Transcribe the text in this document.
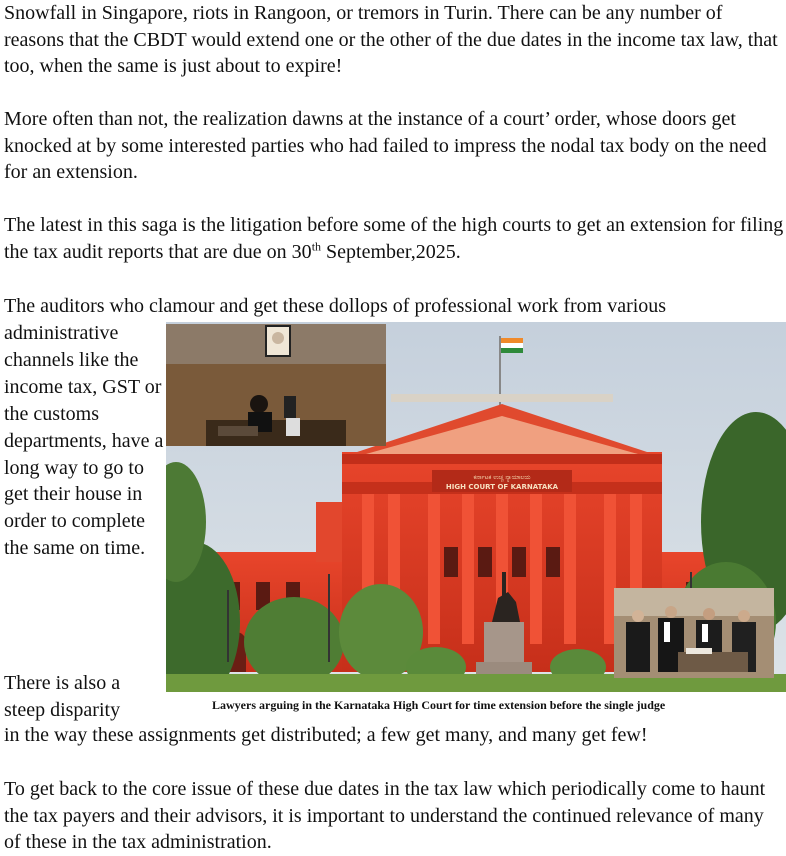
Snowfall in Singapore, riots in Rangoon, or tremors in Turin. There can be any number of reasons that the CBDT would extend one or the other of the due dates in the income tax law, that too, when the same is just about to expire!

More often than not, the realization dawns at the instance of a court’ order, whose doors get knocked at by some interested parties who had failed to impress the nodal tax body on the need for an extension.

The latest in this saga is the litigation before some of the high courts to get an extension for filing the tax audit reports that are due on 30th September,2025.

The auditors who clamour and get these dollops of professional work from various

administrative channels like the income tax, GST or the customs departments, have a long way to go to get their house in order to complete the same on time.

There is also a steep disparity

in the way these assignments get distributed; a few get many, and many get few!

To get back to the core issue of these due dates in the tax law which periodically come to haunt the tax payers and their advisors, it is important to understand the continued relevance of many of these in the tax administration.

ಕರ್ನಾಟಕ ಉಚ್ಚ ನ್ಯಾಯಾಲಯ
HIGH COURT OF KARNATAKA

Lawyers arguing in the Karnataka High Court for time extension before the single judge
